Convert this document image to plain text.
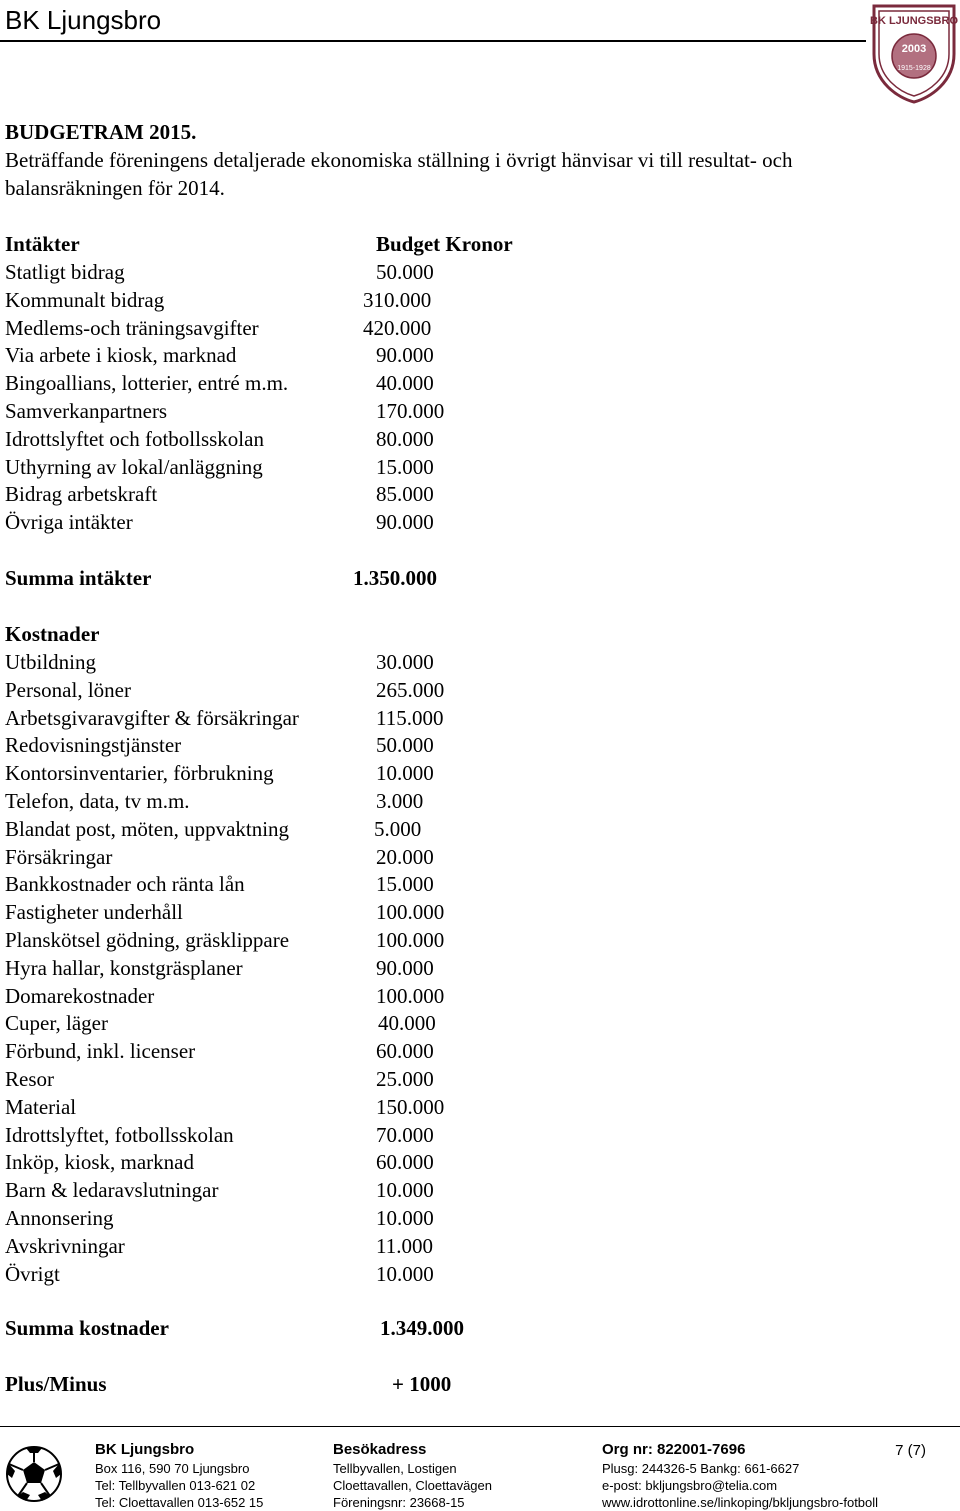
BK Ljungsbro	BK LJUNGSBRO
2003
1915-1928
BUDGETRAM 2015.
Beträffande föreningens detaljerade ekonomiska ställning i övrigt hänvisar vi till resultat- och
balansräkningen för 2014.
Intäkter	Budget Kronor
Statligt bidrag	50.000
Kommunalt bidrag	310.000
Medlems-och träningsavgifter	420.000
Via arbete i kiosk, marknad	90.000
Bingoallians, lotterier, entré m.m.	40.000
Samverkanpartners	170.000
Idrottslyftet och fotbollsskolan	80.000
Uthyrning av lokal/anläggning	15.000
Bidrag arbetskraft	85.000
Övriga intäkter	90.000
Summa intäkter	1.350.000
Kostnader
Utbildning	30.000
Personal, löner	265.000
Arbetsgivaravgifter & försäkringar	115.000
Redovisningstjänster	50.000
Kontorsinventarier, förbrukning	10.000
Telefon, data, tv m.m.	3.000
Blandat post, möten, uppvaktning	5.000
Försäkringar	20.000
Bankkostnader och ränta lån	15.000
Fastigheter underhåll	100.000
Planskötsel gödning, gräsklippare	100.000
Hyra hallar, konstgräsplaner	90.000
Domarekostnader	100.000
Cuper, läger	40.000
Förbund, inkl. licenser	60.000
Resor	25.000
Material	150.000
Idrottslyftet, fotbollsskolan	70.000
Inköp, kiosk, marknad	60.000
Barn & ledaravslutningar	10.000
Annonsering	10.000
Avskrivningar	11.000
Övrigt	10.000
Summa kostnader	1.349.000
Plus/Minus	+ 1000
BK Ljungsbro
Box 116, 590 70 Ljungsbro
Tel: Tellbyvallen 013-621 02
Tel: Cloettavallen 013-652 15
Besökadress
Tellbyvallen, Lostigen
Cloettavallen, Cloettavägen
Föreningsnr: 23668-15
Org nr: 822001-7696
Plusg: 244326-5 Bankg: 661-6627
e-post: bkljungsbro@telia.com
www.idrottonline.se/linkoping/bkljungsbro-fotboll
7 (7)
